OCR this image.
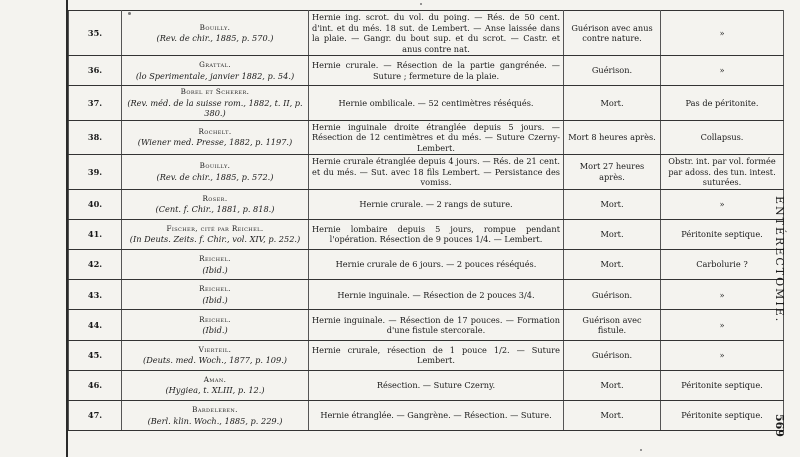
35.	Bouilly.
(Rev. de chir., 1885, p. 570.)	Hernie ing. scrot. du vol. du poing. — Rés. de 50 cent. d'int. et du més. 18 sut. de Lembert. — Anse laissée dans la plaie. — Gangr. du bout sup. et du scrot. — Castr. et anus contre nat.	Guérison avec anus contre nature.	»
36.	Grattal.
(lo Sperimentale, janvier 1882, p. 54.)	Hernie crurale. — Résection de la partie gangrénée. — Suture ; fermeture de la plaie.	Guérison.	»
37.	Borel et Scherer.
(Rev. méd. de la suisse rom., 1882, t. II, p. 380.)	Hernie ombilicale. — 52 centimètres réséqués.	Mort.	Pas de péritonite.
38.	Rochelt.
(Wiener med. Presse, 1882, p. 1197.)	Hernie inguinale droite étranglée depuis 5 jours. — Résection de 12 centimètres et du més. — Suture Czerny-Lembert.	Mort 8 heures après.	Collapsus.
39.	Bouilly.
(Rev. de chir., 1885, p. 572.)	Hernie crurale étranglée depuis 4 jours. — Rés. de 21 cent. et du més. — Sut. avec 18 fils Lembert. — Persistance des vomiss.	Mort 27 heures après.	Obstr. int. par vol. formée par adoss. des tun. intest. suturées.
40.	Roser.
(Cent. f. Chir., 1881, p. 818.)	Hernie crurale. — 2 rangs de suture.	Mort.	»
41.	Fischer, cité par Reichel.
(In Deuts. Zeits. f. Chir., vol. XIV, p. 252.)	Hernie lombaire depuis 5 jours, rompue pendant l'opération. Résection de 9 pouces 1/4. — Lembert.	Mort.	Péritonite septique.
42.	Reichel.
(Ibid.)	Hernie crurale de 6 jours. — 2 pouces réséqués.	Mort.	Carbolurie ?
43.	Reichel.
(Ibid.)	Hernie inguinale. — Résection de 2 pouces 3/4.	Guérison.	»
44.	Reichel.
(Ibid.)	Hernie inguinale. — Résection de 17 pouces. — Formation d'une fistule stercorale.	Guérison avec fistule.	»
45.	Vierteil.
(Deuts. med. Woch., 1877, p. 109.)	Hernie crurale, résection de 1 pouce 1/2. — Suture Lembert.	Guérison.	»
46.	Aman.
(Hygiea, t. XLIII, p. 12.)	Résection. — Suture Czerny.	Mort.	Péritonite septique.
47.	Bardeleben.
(Berl. klin. Woch., 1885, p. 229.)	Hernie étranglée. — Gangrène. — Résection. — Suture.	Mort.	Péritonite septique.
ENTÉRECTOMIE.
569
